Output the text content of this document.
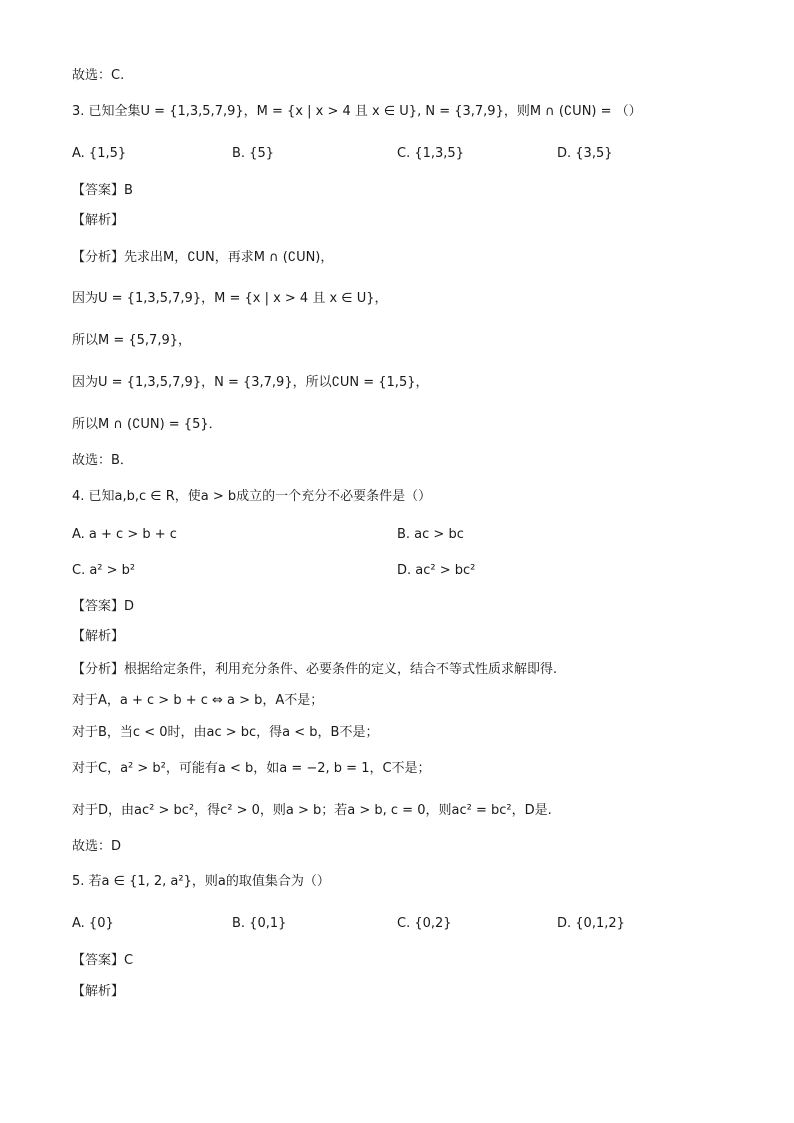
故选：C.
3. 已知全集U = {1,3,5,7,9}，M = {x | x > 4 且 x ∈ U}, N = {3,7,9}，则M ∩ (∁UN) = （）
A. {1,5}	B. {5}	C. {1,3,5}	D. {3,5}
【答案】B
【解析】
【分析】先求出M，∁UN，再求M ∩ (∁UN)，
因为U = {1,3,5,7,9}，M = {x | x > 4 且 x ∈ U}，
所以M = {5,7,9}，
因为U = {1,3,5,7,9}，N = {3,7,9}，所以∁UN = {1,5}，
所以M ∩ (∁UN) = {5}．
故选：B．
4. 已知a,b,c ∈ R，使a > b成立的一个充分不必要条件是（）
A. a + c > b + c	B. ac > bc
C. a² > b²	D. ac² > bc²
【答案】D
【解析】
【分析】根据给定条件，利用充分条件、必要条件的定义，结合不等式性质求解即得.
对于A，a + c > b + c ⇔ a > b，A不是；
对于B，当c < 0时，由ac > bc，得a < b，B不是；
对于C，a² > b²，可能有a < b，如a = −2, b = 1，C不是；
对于D，由ac² > bc²，得c² > 0，则a > b；若a > b, c = 0，则ac² = bc²，D是.
故选：D
5. 若a ∈ {1, 2, a²}，则a的取值集合为（）
A. {0}	B. {0,1}	C. {0,2}	D. {0,1,2}
【答案】C
【解析】
